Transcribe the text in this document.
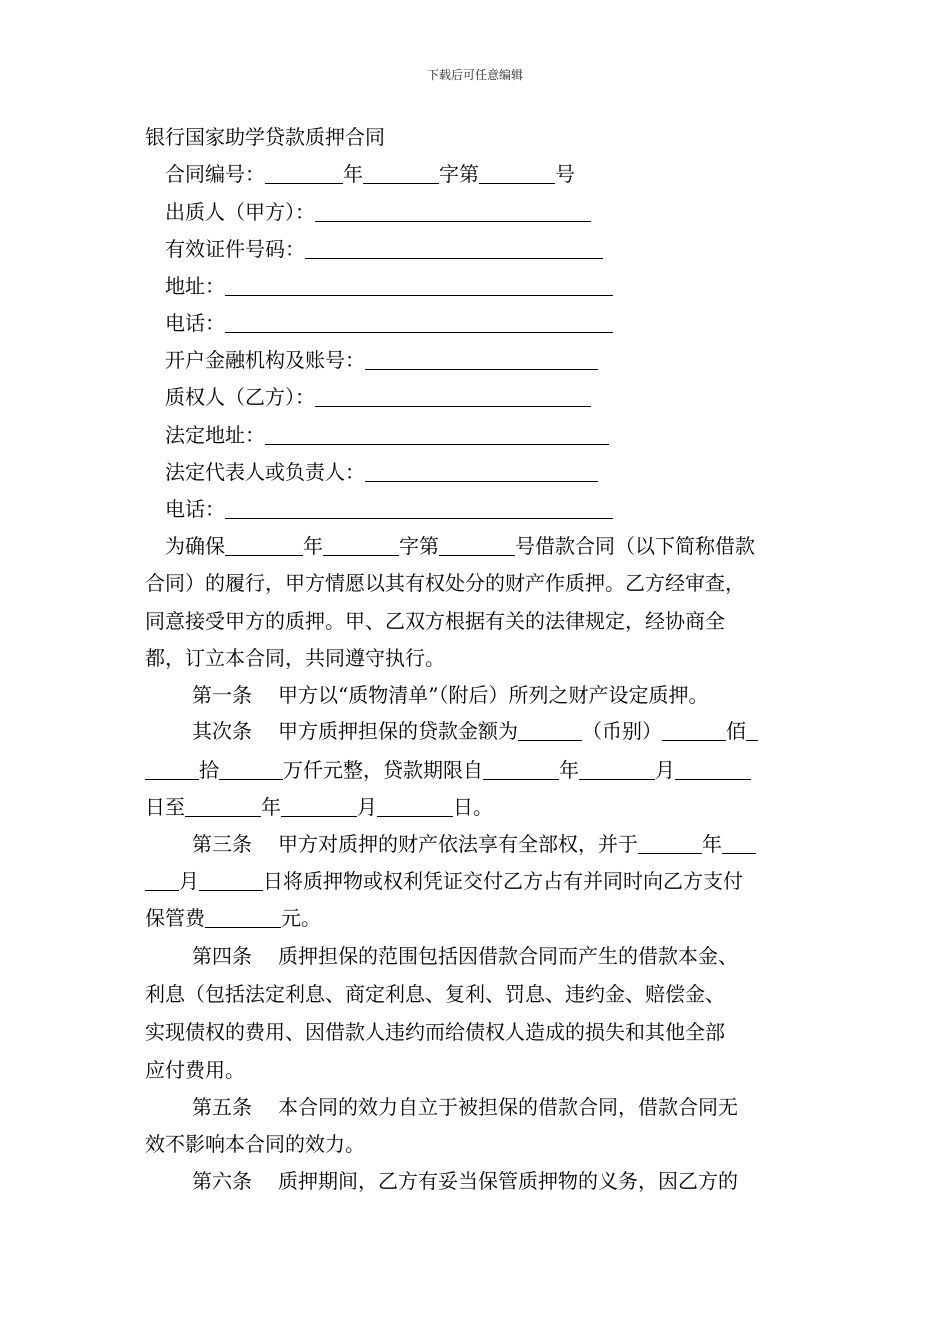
下载后可任意编辑
银行国家助学贷款质押合同
合同编号：	年	字第	号
出质人（甲方）：
有效证件号码：
地址：
电话：
开户金融机构及账号：
质权人（乙方）：
法定地址：
法定代表人或负责人：
电话：
为确保	年	字第	号借款合同（以下简称借款
合同）的履行，甲方情愿以其有权处分的财产作质押。乙方经审查，
同意接受甲方的质押。甲、乙双方根据有关的法律规定，经协商全
都，订立本合同，共同遵守执行。
第一条 甲方以“质物清单”（附后）所列之财产设定质押。
其次条 甲方质押担保的贷款金额为	（币别）	佰
拾	万仟元整，贷款期限自	年	月
日至	年	月	日。
第三条 甲方对质押的财产依法享有全部权，并于	年
月	日将质押物或权利凭证交付乙方占有并同时向乙方支付
保管费	元。
第四条 质押担保的范围包括因借款合同而产生的借款本金、
利息（包括法定利息、商定利息、复利、罚息、违约金、赔偿金、
实现债权的费用、因借款人违约而给债权人造成的损失和其他全部
应付费用。
第五条 本合同的效力自立于被担保的借款合同，借款合同无
效不影响本合同的效力。
第六条 质押期间，乙方有妥当保管质押物的义务，因乙方的
